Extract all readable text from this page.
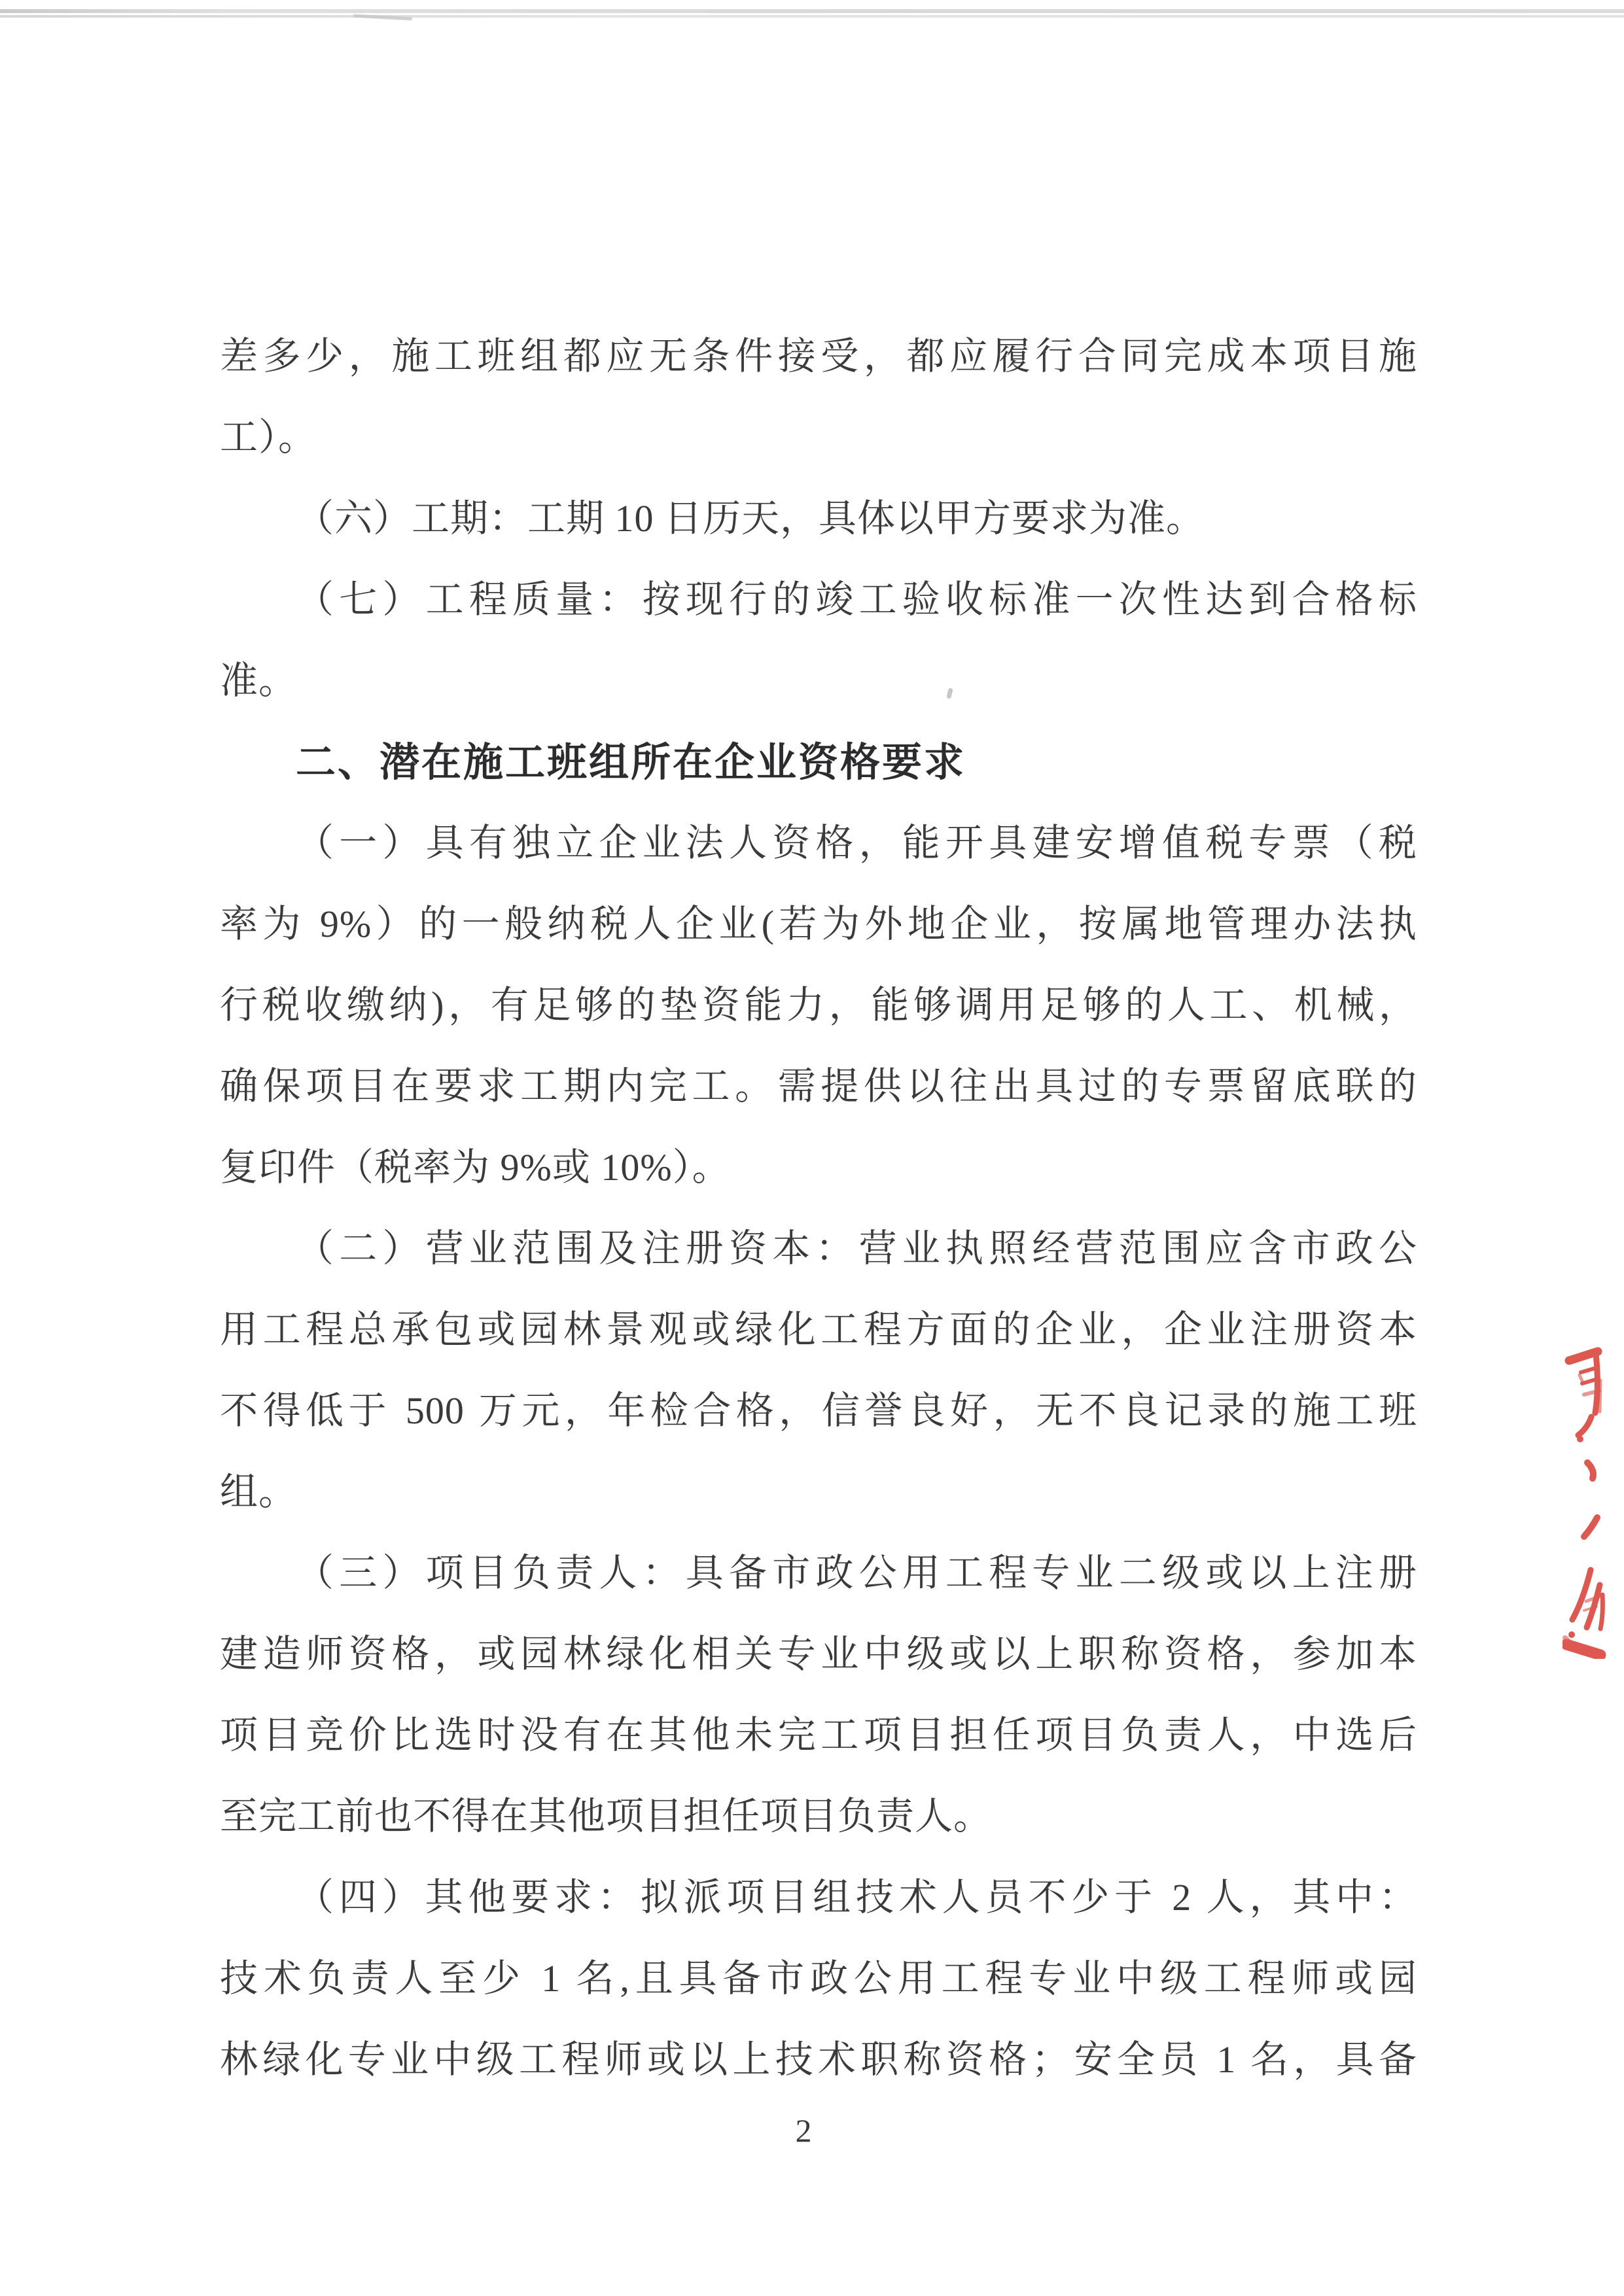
差多少，施工班组都应无条件接受，都应履行合同完成本项目施
工）。
（六）工期：工期 10 日历天，具体以甲方要求为准。
（七）工程质量：按现行的竣工验收标准一次性达到合格标
准。
二、潜在施工班组所在企业资格要求
（一）具有独立企业法人资格，能开具建安增值税专票（税
率为 9%）的一般纳税人企业(若为外地企业，按属地管理办法执
行税收缴纳)，有足够的垫资能力，能够调用足够的人工、机械，
确保项目在要求工期内完工。需提供以往出具过的专票留底联的
复印件（税率为 9%或 10%）。
（二）营业范围及注册资本：营业执照经营范围应含市政公
用工程总承包或园林景观或绿化工程方面的企业，企业注册资本
不得低于 500 万元，年检合格，信誉良好，无不良记录的施工班
组。
（三）项目负责人：具备市政公用工程专业二级或以上注册
建造师资格，或园林绿化相关专业中级或以上职称资格，参加本
项目竞价比选时没有在其他未完工项目担任项目负责人，中选后
至完工前也不得在其他项目担任项目负责人。
（四）其他要求：拟派项目组技术人员不少于 2 人，其中：
技术负责人至少 1 名,且具备市政公用工程专业中级工程师或园
林绿化专业中级工程师或以上技术职称资格；安全员 1 名，具备
2
